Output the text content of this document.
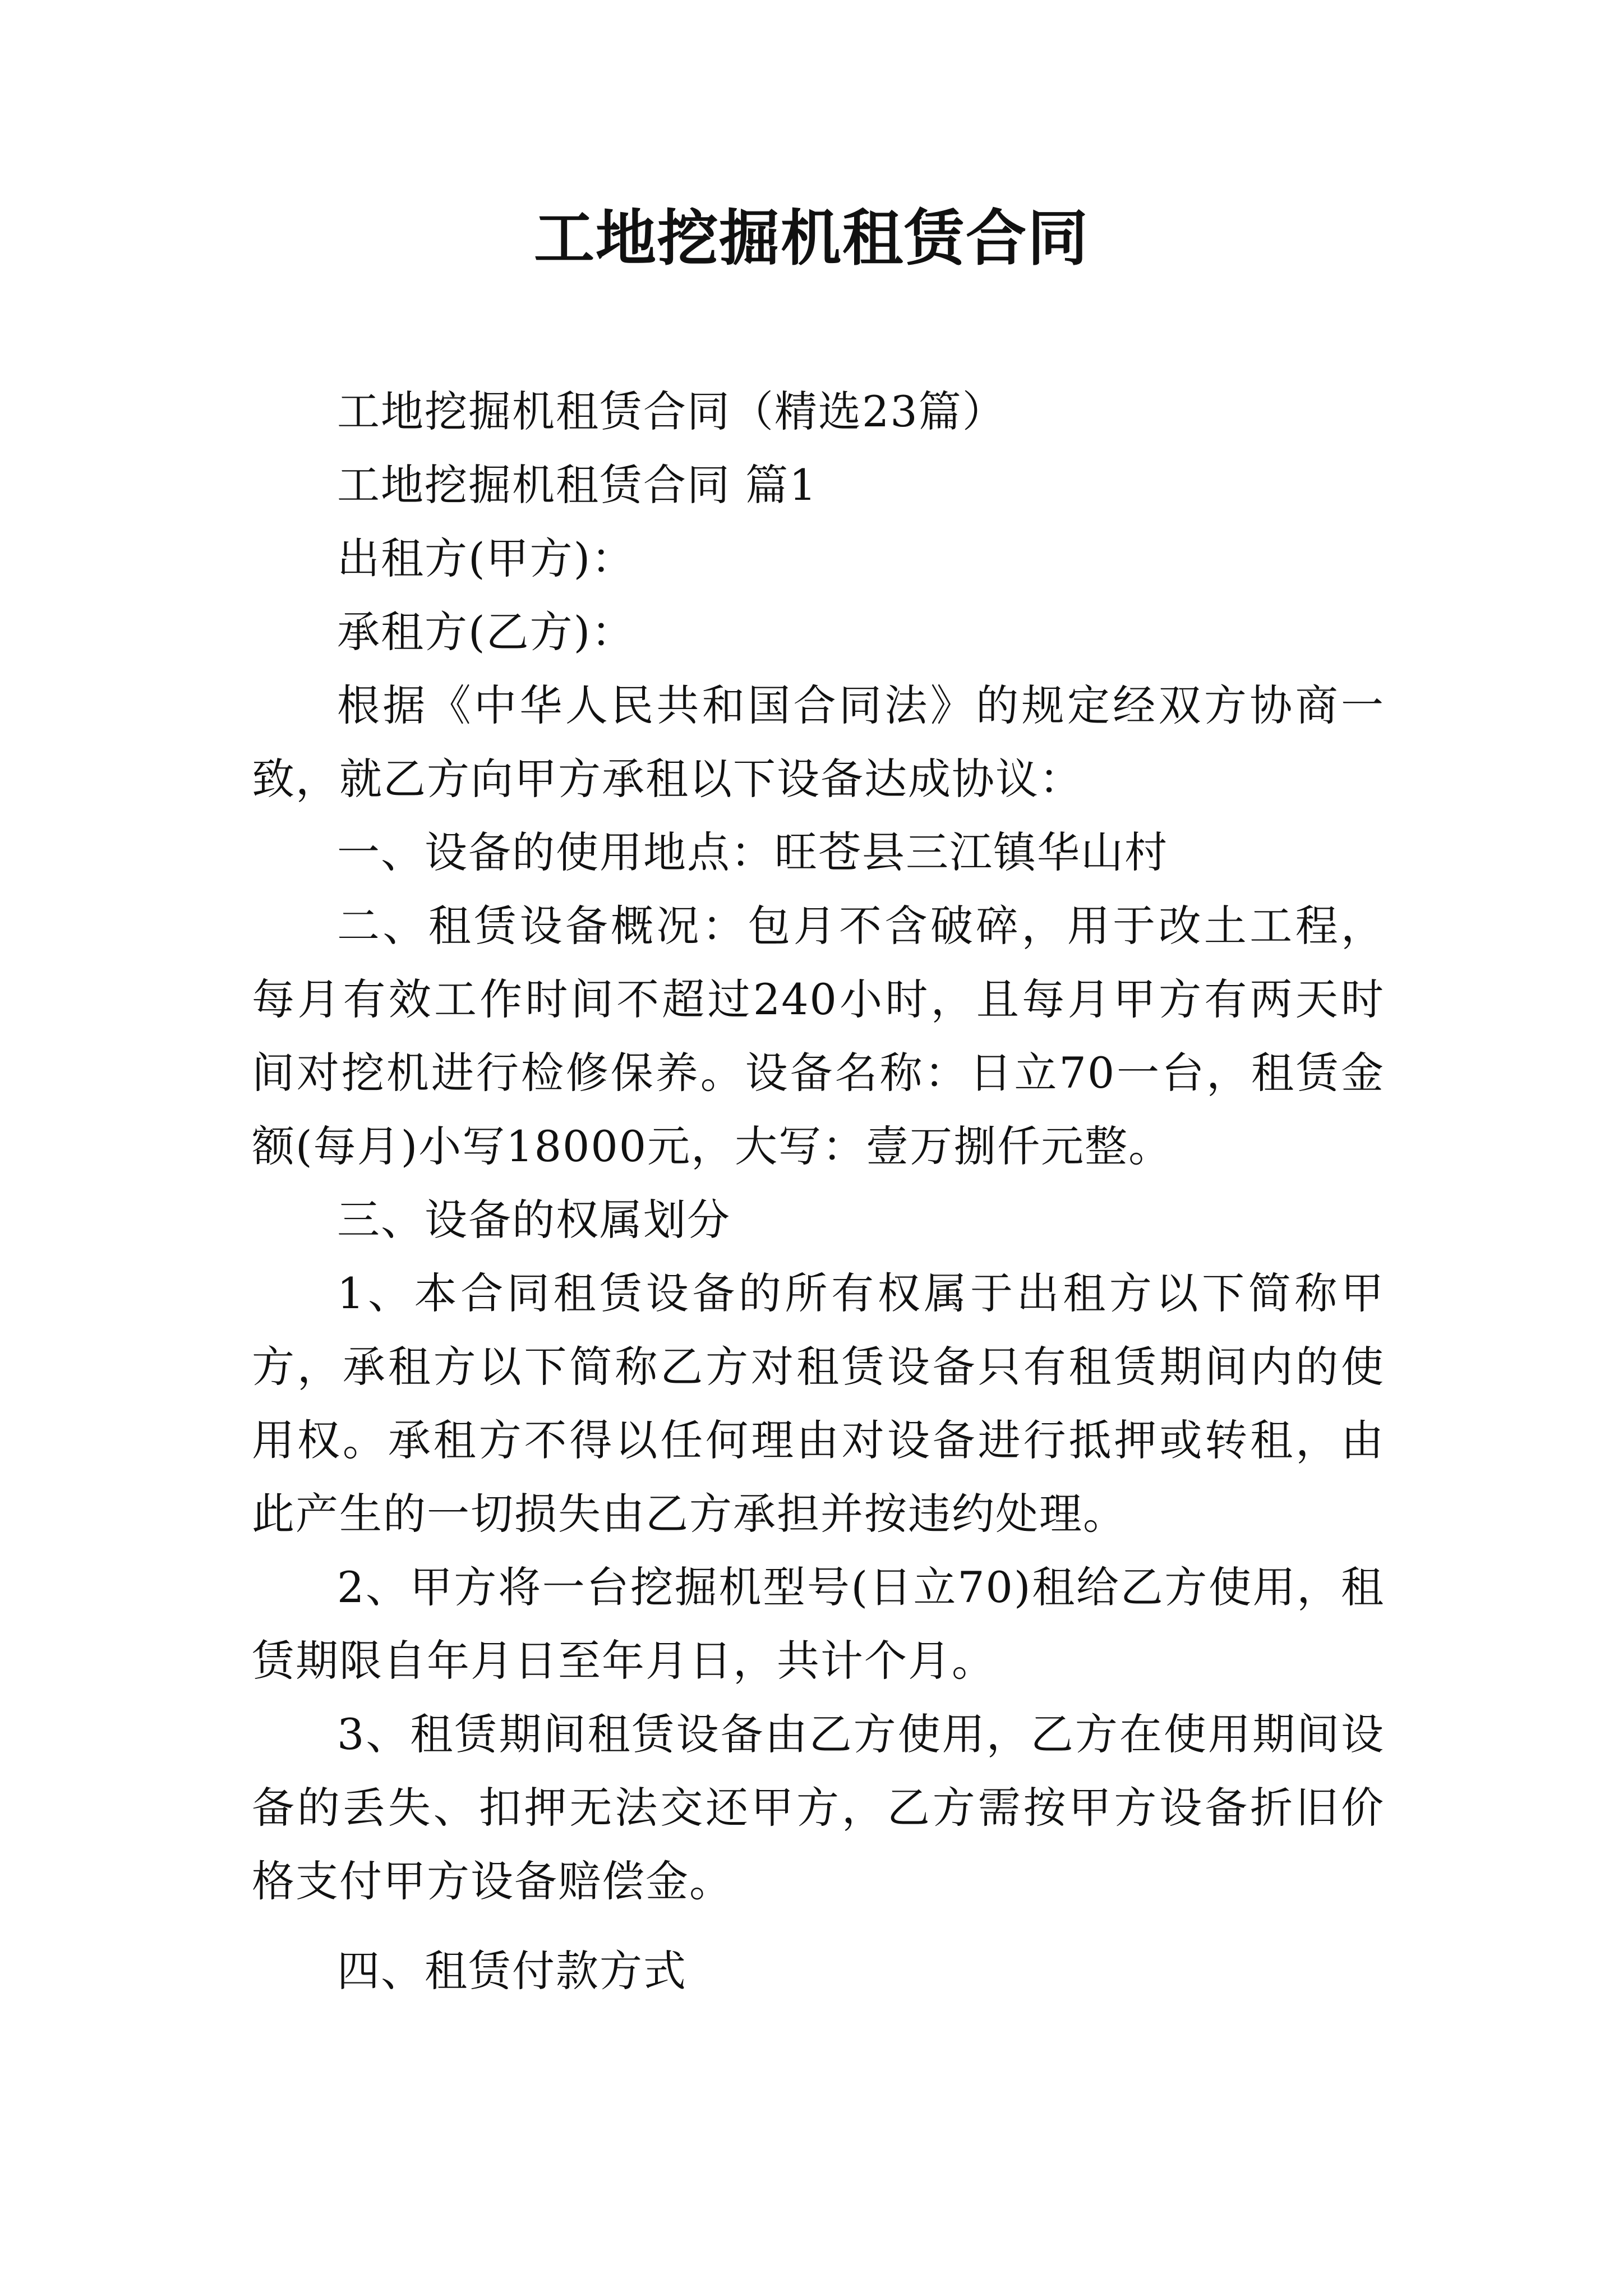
工地挖掘机租赁合同

工地挖掘机租赁合同（精选23篇）

工地挖掘机租赁合同 篇1

出租方(甲方)：

承租方(乙方)：

根据《中华人民共和国合同法》的规定经双方协商一致，就乙方向甲方承租以下设备达成协议：

一、设备的使用地点：旺苍县三江镇华山村

二、租赁设备概况：包月不含破碎，用于改土工程，每月有效工作时间不超过240小时，且每月甲方有两天时间对挖机进行检修保养。设备名称：日立70一台，租赁金额(每月)小写18000元，大写：壹万捌仟元整。

三、设备的权属划分

1、本合同租赁设备的所有权属于出租方以下简称甲方，承租方以下简称乙方对租赁设备只有租赁期间内的使用权。承租方不得以任何理由对设备进行抵押或转租，由此产生的一切损失由乙方承担并按违约处理。

2、甲方将一台挖掘机型号(日立70)租给乙方使用，租赁期限自年月日至年月日，共计个月。

3、租赁期间租赁设备由乙方使用，乙方在使用期间设备的丢失、扣押无法交还甲方，乙方需按甲方设备折旧价格支付甲方设备赔偿金。

四、租赁付款方式
